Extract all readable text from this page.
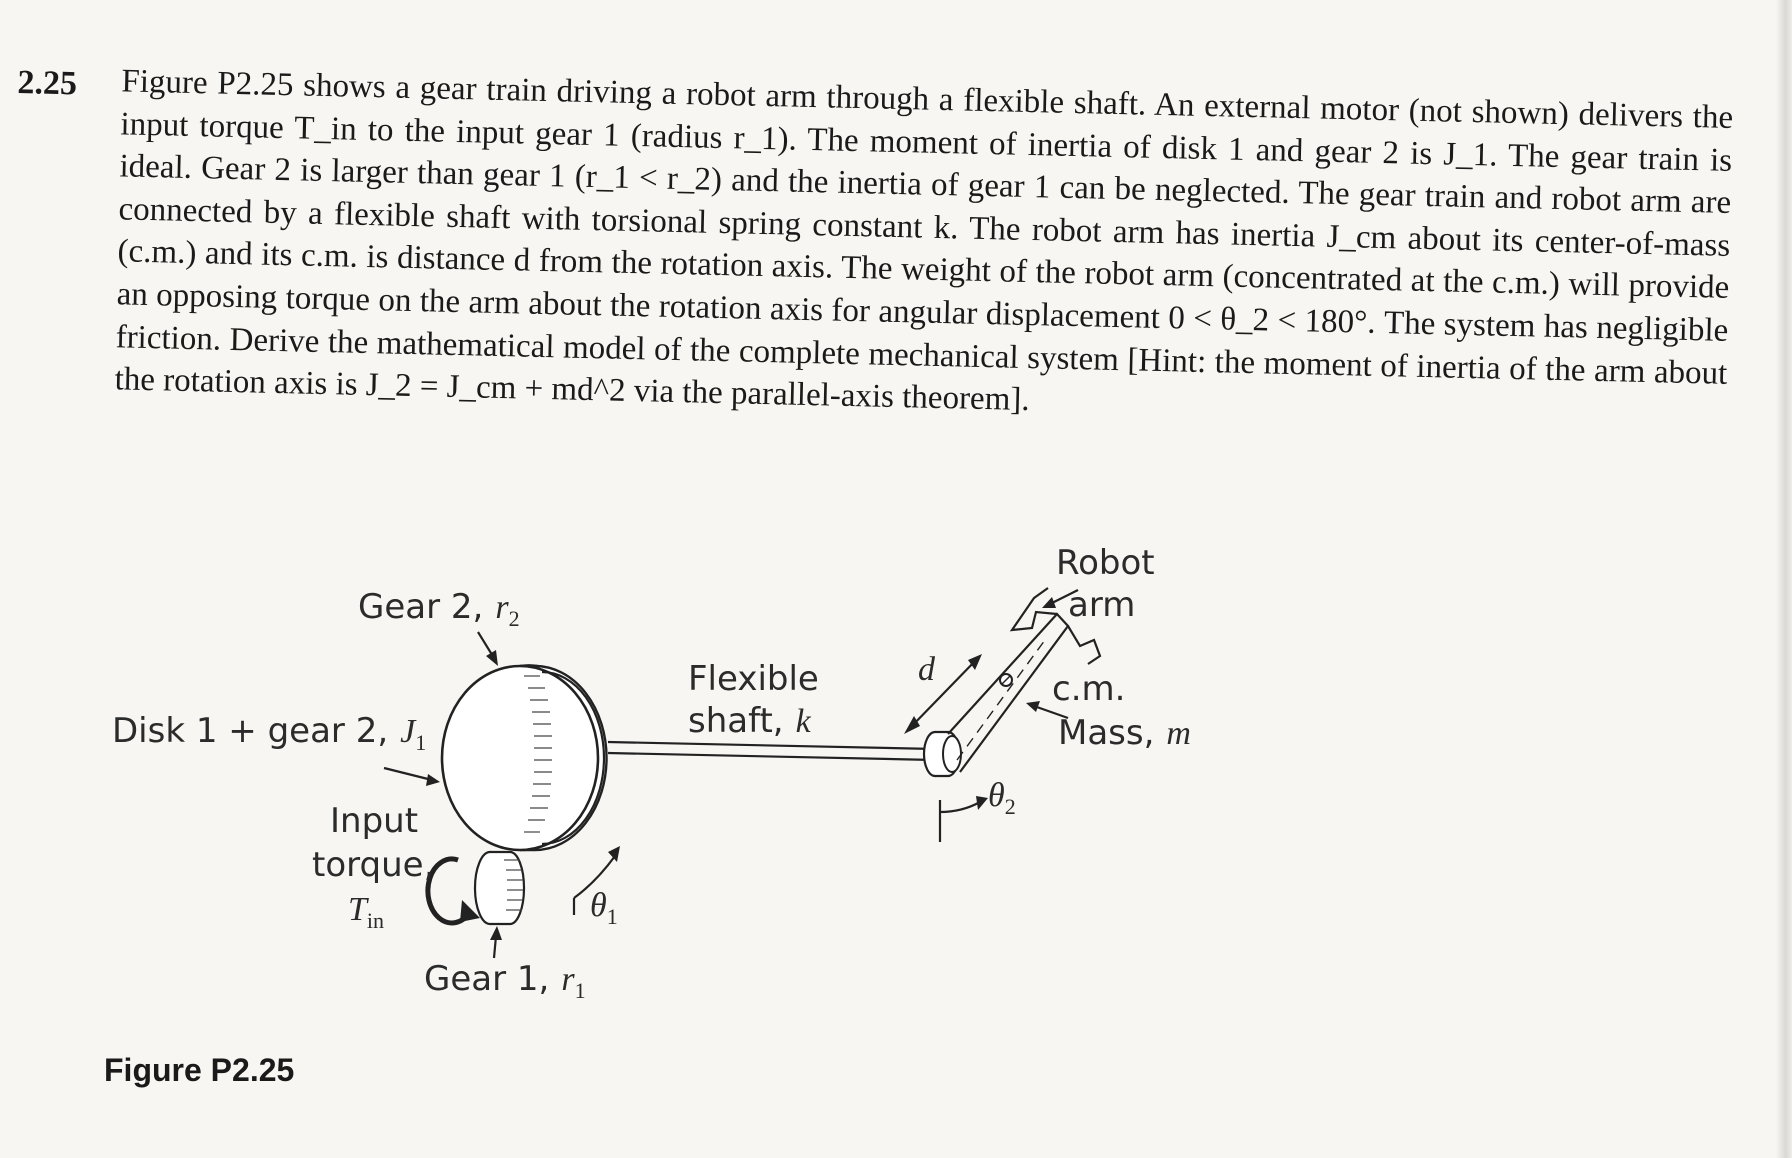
2.25 Figure P2.25 shows a gear train driving a robot arm through a flexible shaft. An external motor (not shown) delivers the input torque T_in to the input gear 1 (radius r_1). The moment of inertia of disk 1 and gear 2 is J_1. The gear train is ideal. Gear 2 is larger than gear 1 (r_1 < r_2) and the inertia of gear 1 can be neglected. The gear train and robot arm are connected by a flexible shaft with torsional spring constant k. The robot arm has inertia J_cm about its center-of-mass (c.m.) and its c.m. is distance d from the rotation axis. The weight of the robot arm (concentrated at the c.m.) will provide an opposing torque on the arm about the rotation axis for angular displacement 0 < θ_2 < 180°. The system has negligible friction. Derive the mathematical model of the complete mechanical system [Hint: the moment of inertia of the arm about the rotation axis is J_2 = J_cm + md^2 via the parallel-axis theorem].
Gear 2, r2
Disk 1 + gear 2, J1
Input
torque,
Tin
Gear 1, r1
θ1
Flexible
shaft, k
d
θ2
Robot
arm
c.m.
Mass, m
Figure P2.25
